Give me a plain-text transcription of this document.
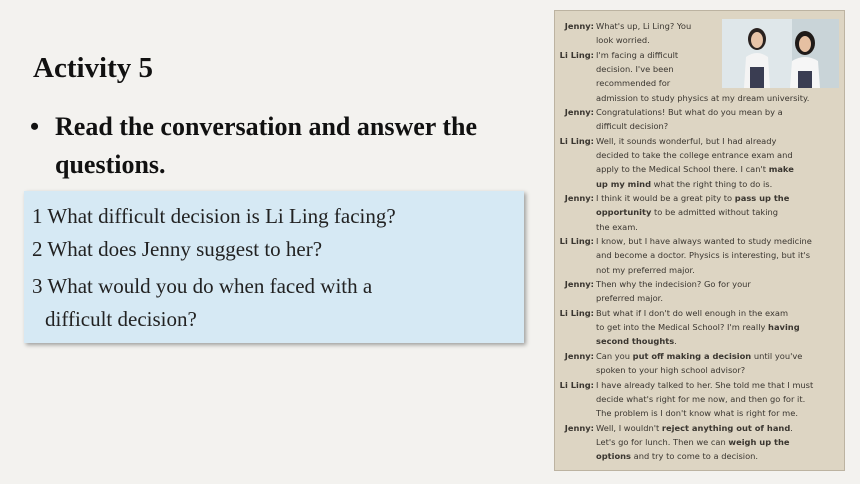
Activity 5
• Read the conversation and answer the questions.
1 What difficult decision is Li Ling facing?
2 What does Jenny suggest to her?
3 What would you do when faced with a
difficult decision?
Jenny: What's up, Li Ling? You
look worried.
Li Ling: I'm facing a difficult
decision. I've been
recommended for
admission to study physics at my dream university.
Jenny: Congratulations! But what do you mean by a
difficult decision?
Li Ling: Well, it sounds wonderful, but I had already
decided to take the college entrance exam and
apply to the Medical School there. I can't make
up my mind what the right thing to do is.
Jenny: I think it would be a great pity to pass up the
opportunity to be admitted without taking
the exam.
Li Ling: I know, but I have always wanted to study medicine
and become a doctor. Physics is interesting, but it's
not my preferred major.
Jenny: Then why the indecision? Go for your
preferred major.
Li Ling: But what if I don't do well enough in the exam
to get into the Medical School? I'm really having
second thoughts.
Jenny: Can you put off making a decision until you've
spoken to your high school advisor?
Li Ling: I have already talked to her. She told me that I must
decide what's right for me now, and then go for it.
The problem is I don't know what is right for me.
Jenny: Well, I wouldn't reject anything out of hand.
Let's go for lunch. Then we can weigh up the
options and try to come to a decision.
